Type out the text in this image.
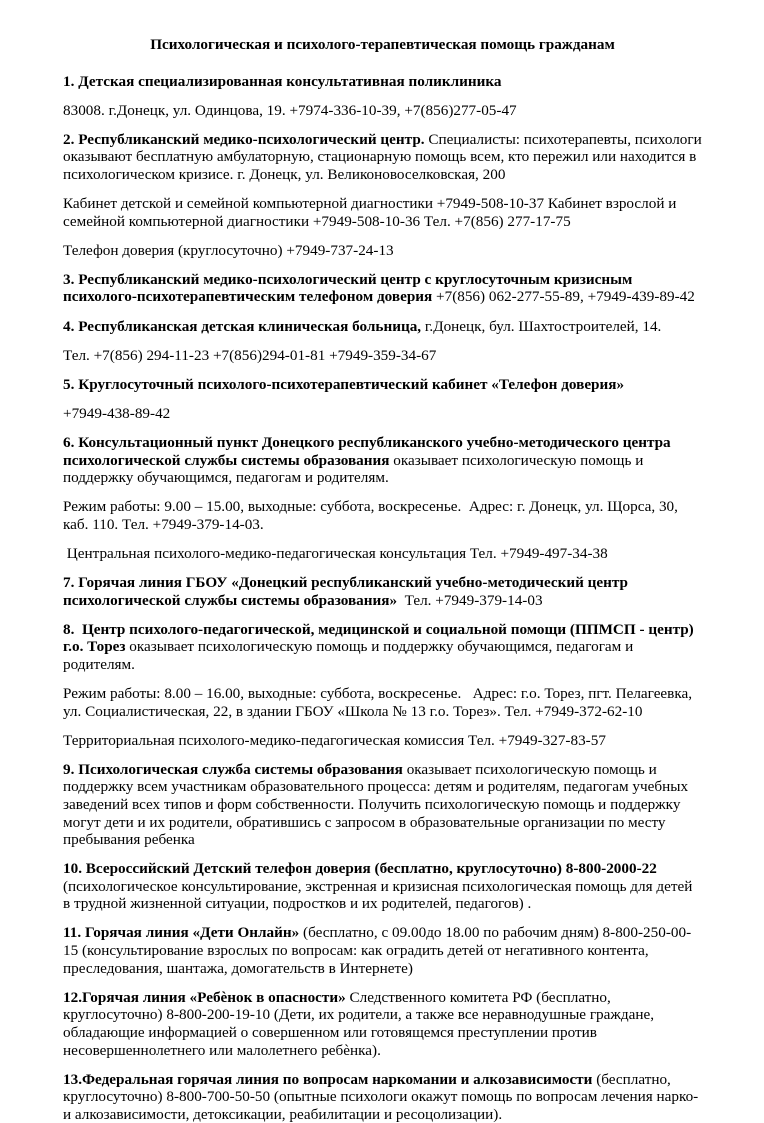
Психологическая и психолого-терапевтическая помощь гражданам

1. Детская специализированная консультативная поликлиника

83008. г.Донецк, ул. Одинцова, 19. +7974-336-10-39, +7(856)277-05-47

2. Республиканский медико-психологический центр. Специалисты: психотерапевты, психологи оказывают бесплатную амбулаторную, стационарную помощь всем, кто пережил или находится в психологическом кризисе. г. Донецк, ул. Великоновоселковская, 200

Кабинет детской и семейной компьютерной диагностики +7949-508-10-37 Кабинет взрослой и семейной компьютерной диагностики +7949-508-10-36 Тел. +7(856) 277-17-75

Телефон доверия (круглосуточно) +7949-737-24-13

3. Республиканский медико-психологический центр с круглосуточным кризисным психолого-психотерапевтическим телефоном доверия +7(856) 062-277-55-89, +7949-439-89-42

4. Республиканская детская клиническая больница, г.Донецк, бул. Шахтостроителей, 14.

Тел. +7(856) 294-11-23 +7(856)294-01-81 +7949-359-34-67

5. Круглосуточный психолого-психотерапевтический кабинет «Телефон доверия»

+7949-438-89-42

6. Консультационный пункт Донецкого республиканского учебно-методического центра психологической службы системы образования оказывает психологическую помощь и поддержку обучающимся, педагогам и родителям.

Режим работы: 9.00 – 15.00, выходные: суббота, воскресенье.  Адрес: г. Донецк, ул. Щорса, 30, каб. 110. Тел. +7949-379-14-03.

Центральная психолого-медико-педагогическая консультация Тел. +7949-497-34-38

7. Горячая линия ГБОУ «Донецкий республиканский учебно-методический центр психологической службы системы образования»  Тел. +7949-379-14-03

8.  Центр психолого-педагогической, медицинской и социальной помощи (ППМСП - центр) г.о. Торез оказывает психологическую помощь и поддержку обучающимся, педагогам и родителям.

Режим работы: 8.00 – 16.00, выходные: суббота, воскресенье.   Адрес: г.о. Торез, пгт. Пелагеевка, ул. Социалистическая, 22, в здании ГБОУ «Школа № 13 г.о. Торез». Тел. +7949-372-62-10

Территориальная психолого-медико-педагогическая комиссия Тел. +7949-327-83-57

9. Психологическая служба системы образования оказывает психологическую помощь и поддержку всем участникам образовательного процесса: детям и родителям, педагогам учебных заведений всех типов и форм собственности. Получить психологическую помощь и поддержку могут дети и их родители, обратившись с запросом в образовательные организации по месту пребывания ребенка

10. Всероссийский Детский телефон доверия (бесплатно, круглосуточно) 8-800-2000-22 (психологическое консультирование, экстренная и кризисная психологическая помощь для детей в трудной жизненной ситуации, подростков и их родителей, педагогов) .

11. Горячая линия «Дети Онлайн» (бесплатно, с 09.00до 18.00 по рабочим дням) 8-800-250-00-15 (консультирование взрослых по вопросам: как оградить детей от негативного контента, преследования, шантажа, домогательств в Интернете)

12.Горячая линия «Ребѐнок в опасности» Следственного комитета РФ (бесплатно, круглосуточно) 8-800-200-19-10 (Дети, их родители, а также все неравнодушные граждане, обладающие информацией о совершенном или готовящемся преступлении против несовершеннолетнего или малолетнего ребѐнка).

13.Федеральная горячая линия по вопросам наркомании и алкозависимости (бесплатно, круглосуточно) 8-800-700-50-50 (опытные психологи окажут помощь по вопросам лечения нарко- и алкозависимости, детоксикации, реабилитации и ресоцолизации).
